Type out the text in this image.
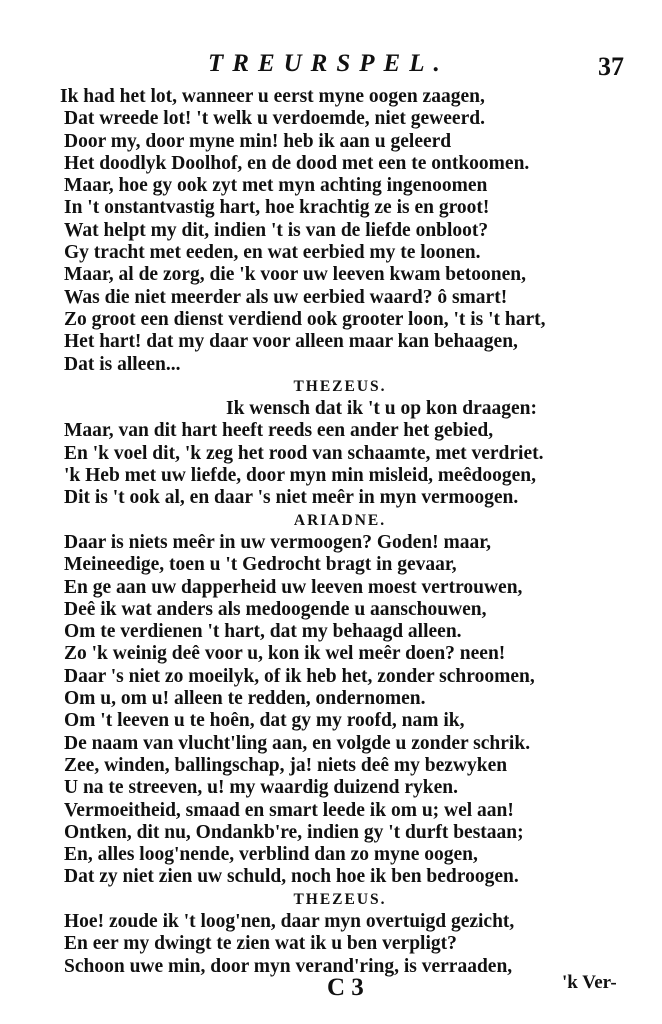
TREURSPEL.	37
Ik had het lot, wanneer u eerst myne oogen zaagen,
Dat wreede lot! 't welk u verdoemde, niet geweerd.
Door my, door myne min! heb ik aan u geleerd
Het doodlyk Doolhof, en de dood met een te ontkoomen.
Maar, hoe gy ook zyt met myn achting ingenoomen
In 't onstantvastig hart, hoe krachtig ze is en groot!
Wat helpt my dit, indien 't is van de liefde onbloot?
Gy tracht met eeden, en wat eerbied my te loonen.
Maar, al de zorg, die 'k voor uw leeven kwam betoonen,
Was die niet meerder als uw eerbied waard? ô smart!
Zo groot een dienst verdiend ook grooter loon, 't is 't hart,
Het hart! dat my daar voor alleen maar kan behaagen,
Dat is alleen...
THEZEUS.
Ik wensch dat ik 't u op kon draagen:
Maar, van dit hart heeft reeds een ander het gebied,
En 'k voel dit, 'k zeg het rood van schaamte, met verdriet.
'k Heb met uw liefde, door myn min misleid, meêdoogen,
Dit is 't ook al, en daar 's niet meêr in myn vermoogen.
ARIADNE.
Daar is niets meêr in uw vermoogen? Goden! maar,
Meineedige, toen u 't Gedrocht bragt in gevaar,
En ge aan uw dapperheid uw leeven moest vertrouwen,
Deê ik wat anders als medoogende u aanschouwen,
Om te verdienen 't hart, dat my behaagd alleen.
Zo 'k weinig deê voor u, kon ik wel meêr doen? neen!
Daar 's niet zo moeilyk, of ik heb het, zonder schroomen,
Om u, om u! alleen te redden, ondernomen.
Om 't leeven u te hoên, dat gy my roofd, nam ik,
De naam van vlucht'ling aan, en volgde u zonder schrik.
Zee, winden, ballingschap, ja! niets deê my bezwyken
U na te streeven, u! my waardig duizend ryken.
Vermoeitheid, smaad en smart leede ik om u; wel aan!
Ontken, dit nu, Ondankb're, indien gy 't durft bestaan;
En, alles loog'nende, verblind dan zo myne oogen,
Dat zy niet zien uw schuld, noch hoe ik ben bedroogen.
THEZEUS.
Hoe! zoude ik 't loog'nen, daar myn overtuigd gezicht,
En eer my dwingt te zien wat ik u ben verpligt?
Schoon uwe min, door myn verand'ring, is verraaden,
C 3	'k Ver-
